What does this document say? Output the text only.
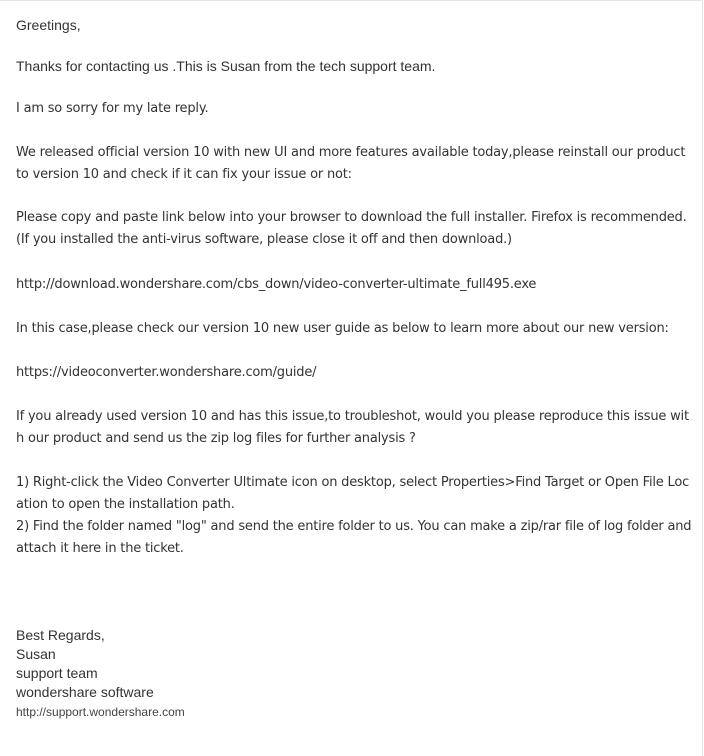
Greetings,

Thanks for contacting us .This is Susan from the tech support team.

I am so sorry for my late reply.

We released official version 10 with new UI and more features available today,please reinstall our product to version 10 and check if it can fix your issue or not:

Please copy and paste link below into your browser to download the full installer. Firefox is recommended. (If you installed the anti-virus software, please close it off and then download.)

http://download.wondershare.com/cbs_down/video-converter-ultimate_full495.exe

In this case,please check our version 10 new user guide as below to learn more about our new version:

https://videoconverter.wondershare.com/guide/

If you already used version 10 and has this issue,to troubleshot, would you please reproduce this issue with our product and send us the zip log files for further analysis ?

1) Right-click the Video Converter Ultimate icon on desktop, select Properties>Find Target or Open File Location to open the installation path.

2) Find the folder named "log" and send the entire folder to us. You can make a zip/rar file of log folder and attach it here in the ticket.

Best Regards,

Susan

support team

wondershare software

http://support.wondershare.com
